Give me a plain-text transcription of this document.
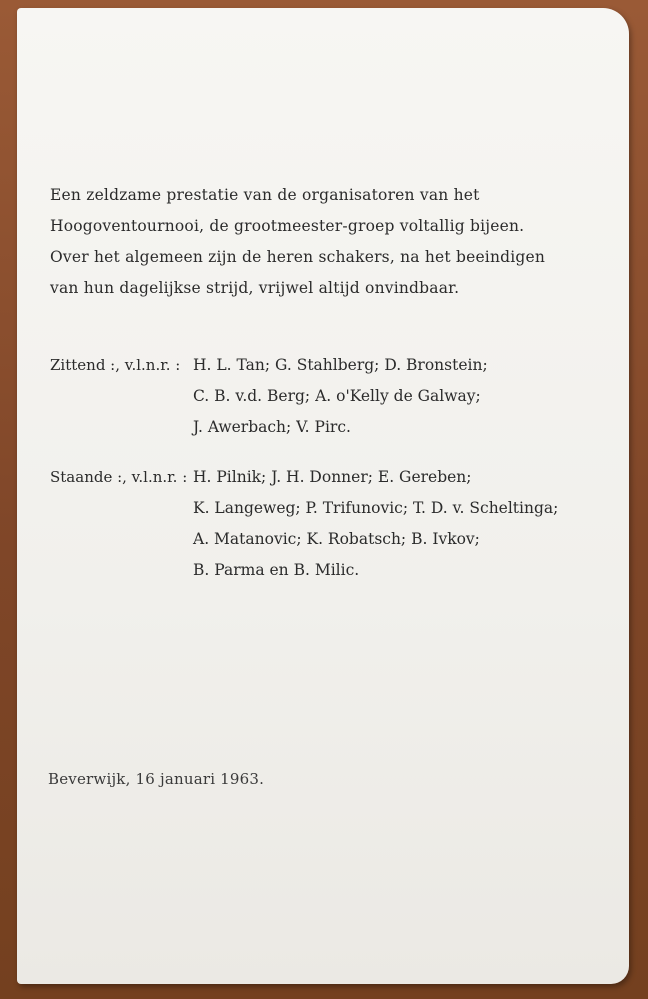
Een zeldzame prestatie van de organisatoren van het
Hoogoventournooi, de grootmeester-groep voltallig bijeen.
Over het algemeen zijn de heren schakers, na het beeindigen
van hun dagelijkse strijd, vrijwel altijd onvindbaar.
Zittend :, v.l.n.r. : H. L. Tan; G. Stahlberg; D. Bronstein;
C. B. v.d. Berg; A. o'Kelly de Galway;
J. Awerbach; V. Pirc.
Staande :, v.l.n.r. : H. Pilnik; J. H. Donner; E. Gereben;
K. Langeweg; P. Trifunovic; T. D. v. Scheltinga;
A. Matanovic; K. Robatsch; B. Ivkov;
B. Parma en B. Milic.
Beverwijk, 16 januari 1963.
